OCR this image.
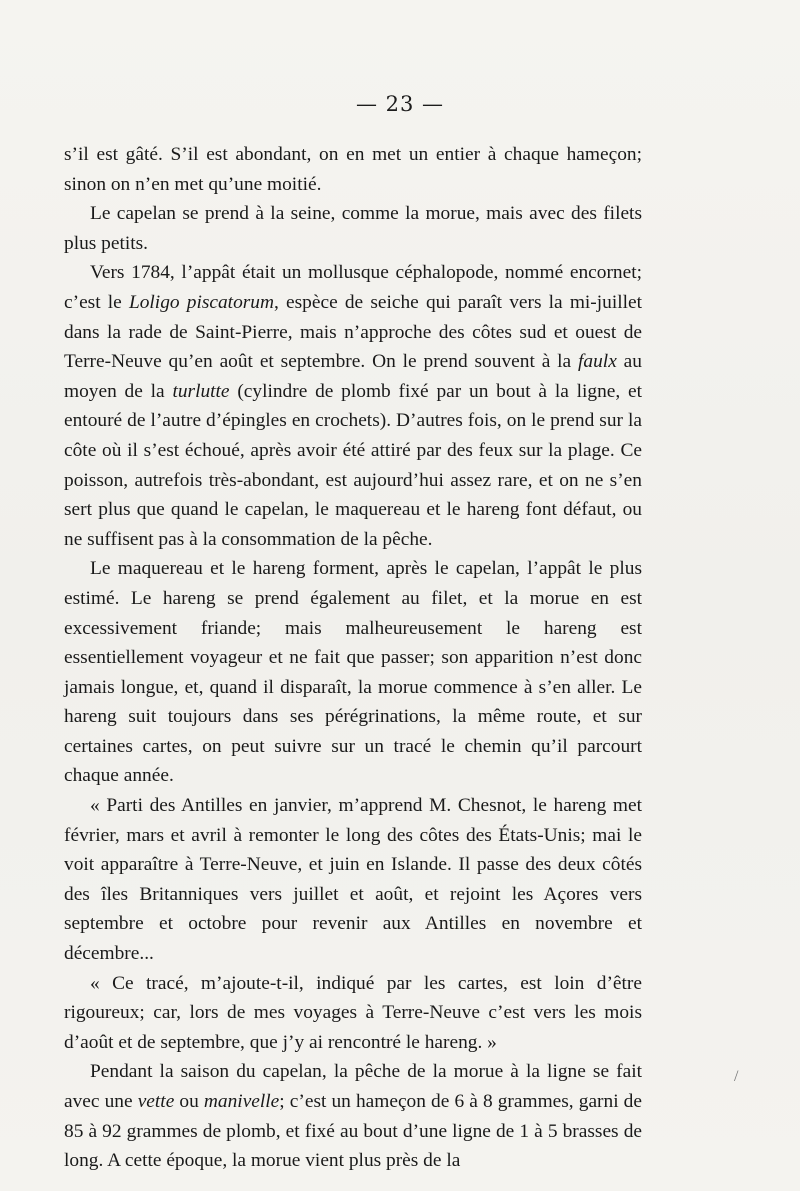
— 23 —

s’il est gâté. S’il est abondant, on en met un entier à chaque hameçon; sinon on n’en met qu’une moitié.

Le capelan se prend à la seine, comme la morue, mais avec des filets plus petits.

Vers 1784, l’appât était un mollusque céphalopode, nommé encornet; c’est le Loligo piscatorum, espèce de seiche qui paraît vers la mi-juillet dans la rade de Saint-Pierre, mais n’approche des côtes sud et ouest de Terre-Neuve qu’en août et septembre. On le prend souvent à la faulx au moyen de la turlutte (cylindre de plomb fixé par un bout à la ligne, et entouré de l’autre d’épingles en crochets). D’autres fois, on le prend sur la côte où il s’est échoué, après avoir été attiré par des feux sur la plage. Ce poisson, autrefois très-abondant, est aujourd’hui assez rare, et on ne s’en sert plus que quand le capelan, le maquereau et le hareng font défaut, ou ne suffisent pas à la consommation de la pêche.

Le maquereau et le hareng forment, après le capelan, l’appât le plus estimé. Le hareng se prend également au filet, et la morue en est excessivement friande; mais malheureusement le hareng est essentiellement voyageur et ne fait que passer; son apparition n’est donc jamais longue, et, quand il disparaît, la morue commence à s’en aller. Le hareng suit toujours dans ses pérégrinations, la même route, et sur certaines cartes, on peut suivre sur un tracé le chemin qu’il parcourt chaque année.

« Parti des Antilles en janvier, m’apprend M. Chesnot, le hareng met février, mars et avril à remonter le long des côtes des États-Unis; mai le voit apparaître à Terre-Neuve, et juin en Islande. Il passe des deux côtés des îles Britanniques vers juillet et août, et rejoint les Açores vers septembre et octobre pour revenir aux Antilles en novembre et décembre...

« Ce tracé, m’ajoute-t-il, indiqué par les cartes, est loin d’être rigoureux; car, lors de mes voyages à Terre-Neuve c’est vers les mois d’août et de septembre, que j’y ai rencontré le hareng. »

Pendant la saison du capelan, la pêche de la morue à la ligne se fait avec une vette ou manivelle; c’est un hameçon de 6 à 8 grammes, garni de 85 à 92 grammes de plomb, et fixé au bout d’une ligne de 1 à 5 brasses de long. A cette époque, la morue vient plus près de la

/
